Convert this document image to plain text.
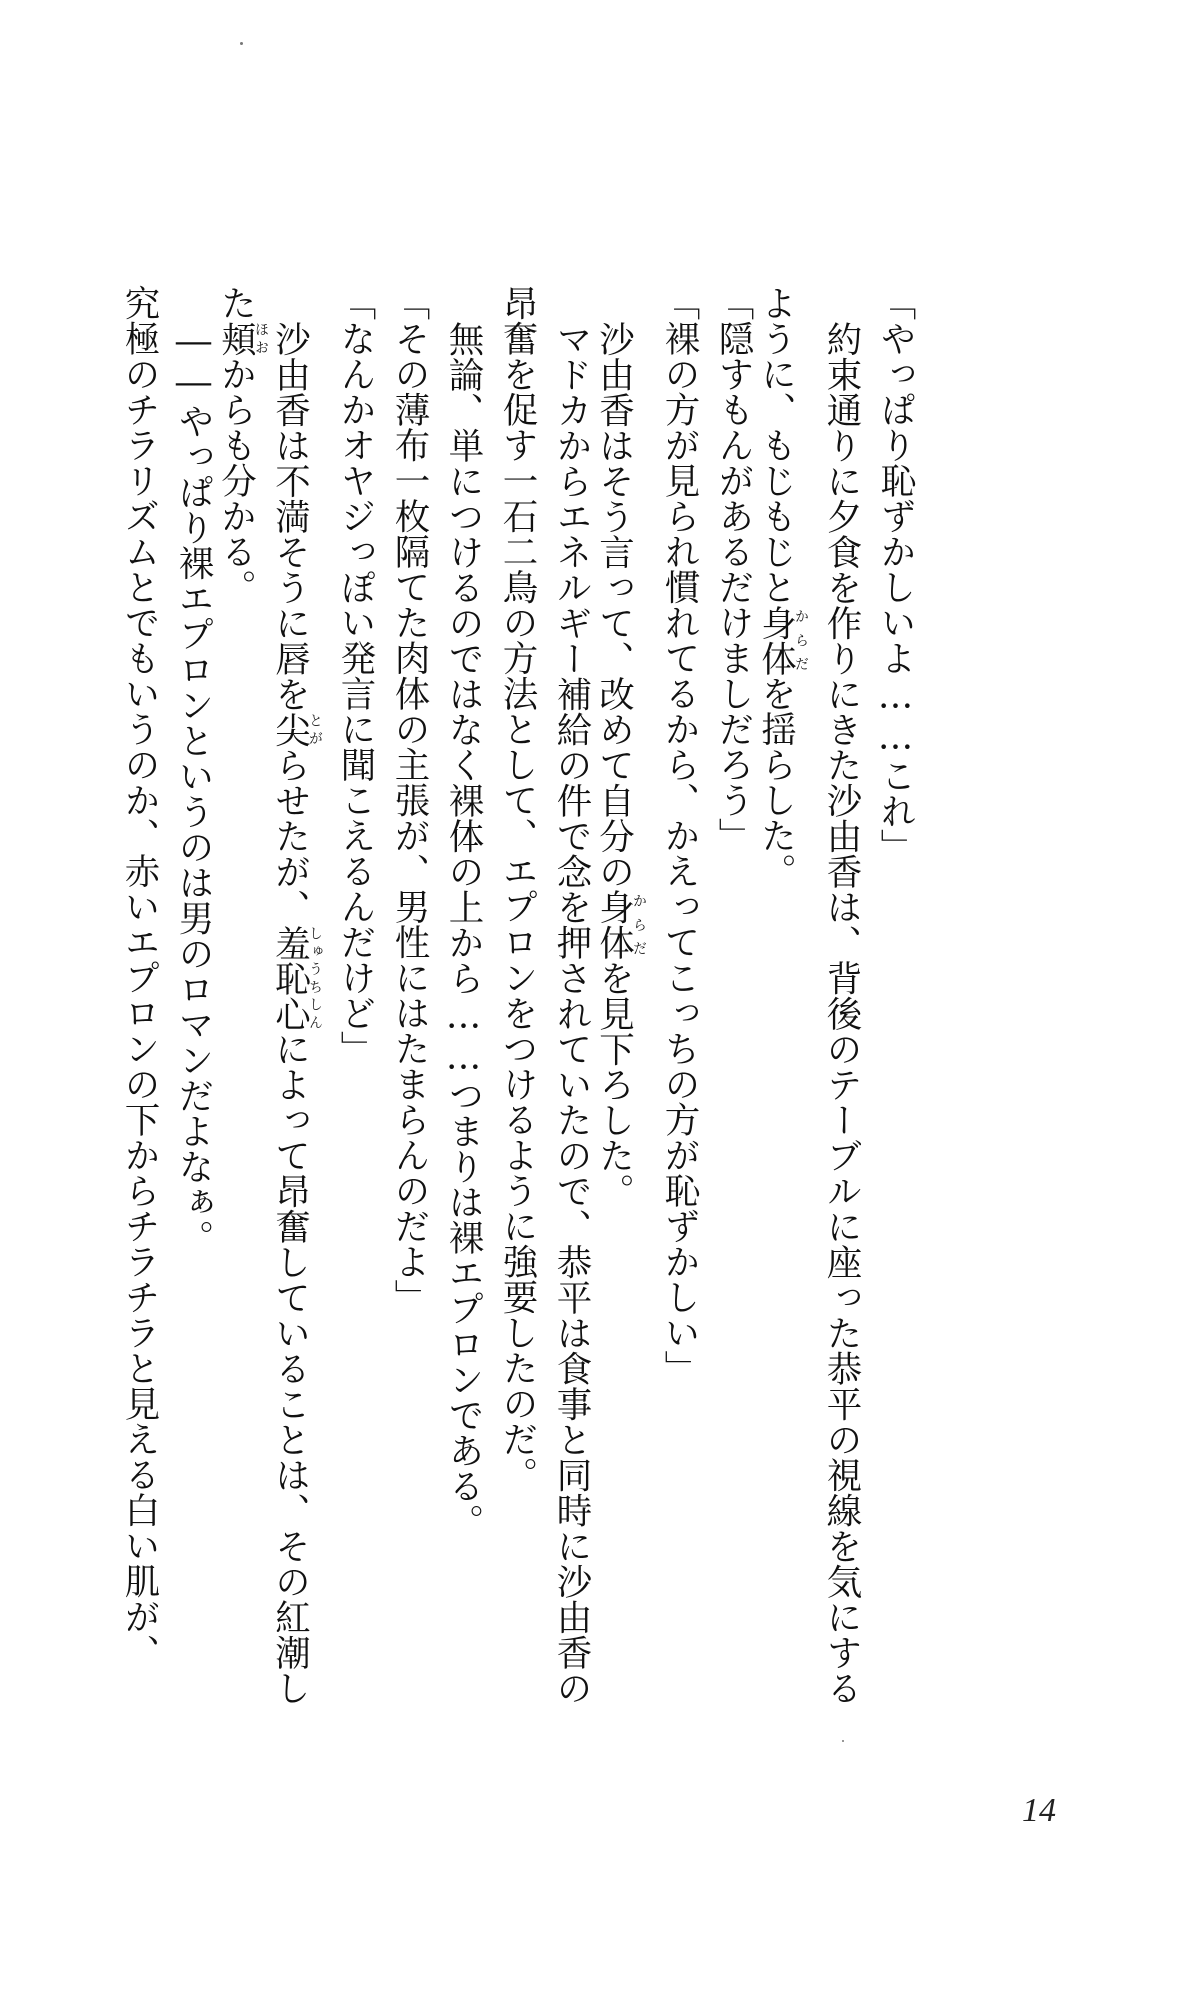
「やっぱり恥ずかしいよ……これ」
約束通りに夕食を作りにきた沙由香は、背後のテーブルに座った恭平の視線を気にする
ように、もじもじと身体からだを揺らした。
「隠すもんがあるだけましだろう」
「裸の方が見られ慣れてるから、かえってこっちの方が恥ずかしい」
沙由香はそう言って、改めて自分の身体からだを見下ろした。
マドカからエネルギー補給の件で念を押されていたので、恭平は食事と同時に沙由香の
昂奮を促す一石二鳥の方法として、エプロンをつけるように強要したのだ。
無論、単につけるのではなく裸体の上から……つまりは裸エプロンである。
「その薄布一枚隔てた肉体の主張が、男性にはたまらんのだよ」
「なんかオヤジっぽい発言に聞こえるんだけど」
沙由香は不満そうに唇を尖とがらせたが、羞恥心しゅうちしんによって昂奮していることは、その紅潮し
た頬ほおからも分かる。
――やっぱり裸エプロンというのは男のロマンだよなぁ。
究極のチラリズムとでもいうのか、赤いエプロンの下からチラチラと見える白い肌が、
14
